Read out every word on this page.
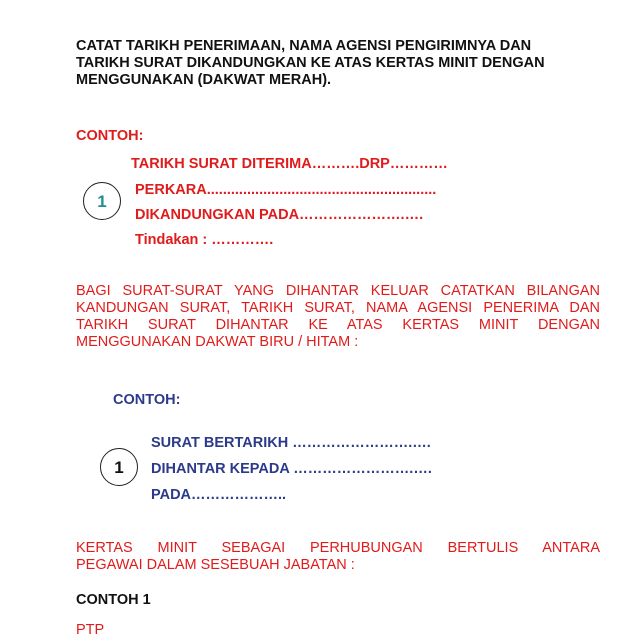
CATAT TARIKH PENERIMAAN, NAMA AGENSI PENGIRIMNYA DAN
TARIKH SURAT DIKANDUNGKAN KE ATAS KERTAS MINIT DENGAN
MENGGUNAKAN (DAKWAT MERAH).
CONTOH:
1
TARIKH SURAT DITERIMA……….DRP…………
PERKARA.........................................................
DIKANDUNGKAN PADA………………….….
Tindakan : ………….
BAGI SURAT-SURAT YANG DIHANTAR KELUAR CATATKAN BILANGAN
KANDUNGAN SURAT, TARIKH SURAT, NAMA AGENSI PENERIMA DAN
TARIKH SURAT DIHANTAR KE ATAS KERTAS MINIT DENGAN
MENGGUNAKAN DAKWAT BIRU / HITAM :
CONTOH:
1
SURAT BERTARIKH …………………….….
DIHANTAR KEPADA …………………….….
PADA………………..
KERTAS MINIT SEBAGAI PERHUBUNGAN BERTULIS ANTARA
PEGAWAI DALAM SESEBUAH JABATAN :
CONTOH 1
PTP
